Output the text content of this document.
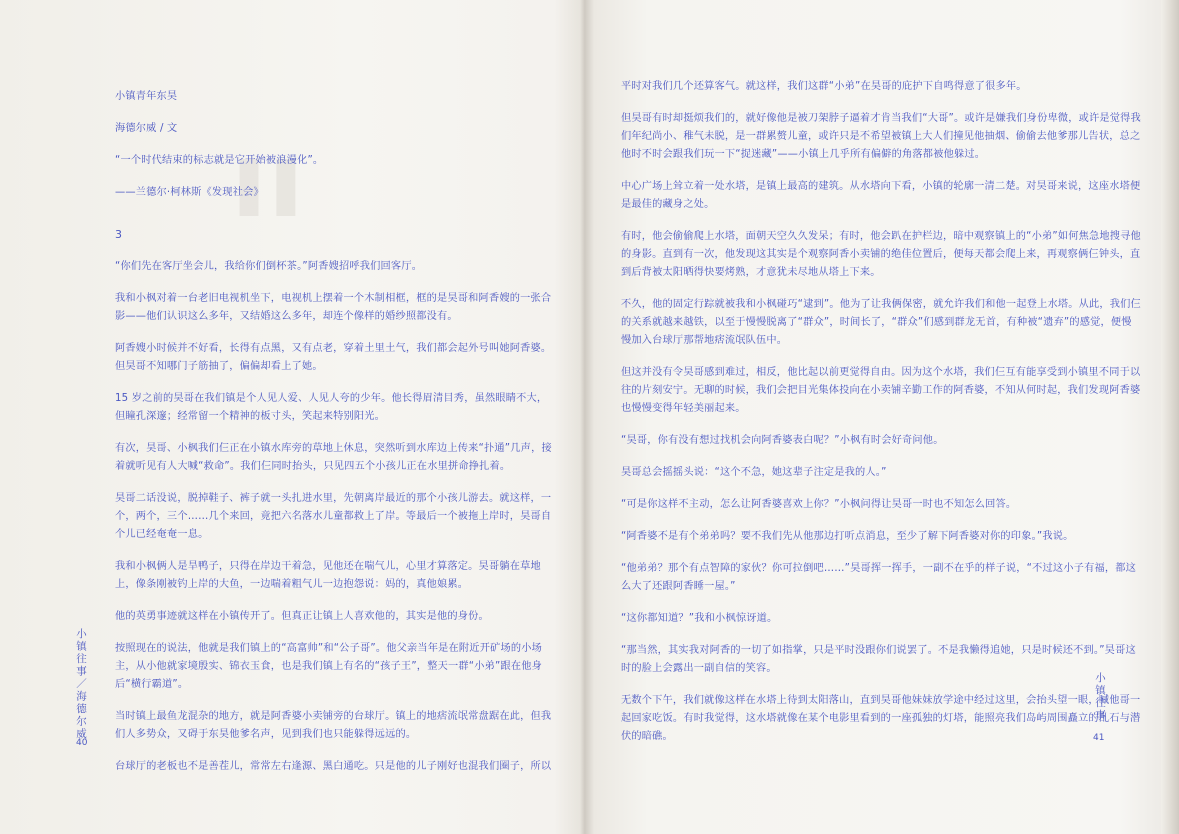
▌▌
小镇青年东昊
海德尔威 / 文
“一个时代结束的标志就是它开始被浪漫化”。
——兰德尔·柯林斯《发现社会》
3
“你们先在客厅坐会儿，我给你们倒杯茶。”阿香嫂招呼我们回客厅。
我和小枫对着一台老旧电视机坐下，电视机上摆着一个木制相框，框的是昊哥和阿香嫂的一张合影——他们认识这么多年，又结婚这么多年，却连个像样的婚纱照都没有。
阿香嫂小时候并不好看，长得有点黑，又有点老，穿着土里土气，我们都会起外号叫她阿香婆。但昊哥不知哪门子筋抽了，偏偏却看上了她。
15 岁之前的昊哥在我们镇是个人见人爱、人见人夸的少年。他长得眉清目秀，虽然眼睛不大，但瞳孔深邃；经常留一个精神的板寸头，笑起来特别阳光。
有次，昊哥、小枫我们仨正在小镇水库旁的草地上休息，突然听到水库边上传来“扑通”几声，接着就听见有人大喊“救命”。我们仨同时抬头，只见四五个小孩儿正在水里拼命挣扎着。
昊哥二话没说，脱掉鞋子、裤子就一头扎进水里，先朝离岸最近的那个小孩儿游去。就这样，一个，两个，三个……几个来回，竟把六名落水儿童都救上了岸。等最后一个被拖上岸时，昊哥自个儿已经奄奄一息。
我和小枫俩人是旱鸭子，只得在岸边干着急，见他还在喘气儿，心里才算落定。昊哥躺在草地上，像条刚被钓上岸的大鱼，一边喘着粗气儿一边抱怨说：妈的，真他娘累。
他的英勇事迹就这样在小镇传开了。但真正让镇上人喜欢他的，其实是他的身份。
按照现在的说法，他就是我们镇上的“高富帅”和“公子哥”。他父亲当年是在附近开矿场的小场主，从小他就家境殷实、锦衣玉食，也是我们镇上有名的“孩子王”，整天一群“小弟”跟在他身后“横行霸道”。
当时镇上最鱼龙混杂的地方，就是阿香婆小卖铺旁的台球厅。镇上的地痞流氓常盘踞在此，但我们人多势众，又碍于东昊他爹名声，见到我们也只能躲得远远的。
台球厅的老板也不是善茬儿，常常左右逢源、黑白通吃。只是他的儿子刚好也混我们圈子，所以
小镇往事／海德尔威
40
平时对我们几个还算客气。就这样，我们这群“小弟”在昊哥的庇护下自鸣得意了很多年。
但昊哥有时却挺烦我们的，就好像他是被刀架脖子逼着才肯当我们“大哥”。或许是嫌我们身份卑微，或许是觉得我们年纪尚小、稚气未脱，是一群累赘儿童，或许只是不希望被镇上大人们撞见他抽烟、偷偷去他爹那儿告状，总之他时不时会跟我们玩一下“捉迷藏”——小镇上几乎所有偏僻的角落都被他躲过。
中心广场上耸立着一处水塔，是镇上最高的建筑。从水塔向下看，小镇的轮廓一清二楚。对昊哥来说，这座水塔便是最佳的藏身之处。
有时，他会偷偷爬上水塔，面朝天空久久发呆；有时，他会趴在护栏边，暗中观察镇上的“小弟”如何焦急地搜寻他的身影。直到有一次，他发现这其实是个观察阿香小卖铺的绝佳位置后，便每天都会爬上来，再观察俩仨钟头，直到后背被太阳晒得快要烤熟，才意犹未尽地从塔上下来。
不久，他的固定行踪就被我和小枫碰巧“逮到”。他为了让我俩保密，就允许我们和他一起登上水塔。从此，我们仨的关系就越来越铁，以至于慢慢脱离了“群众”，时间长了，“群众”们感到群龙无首，有种被“遗弃”的感觉，便慢慢加入台球厅那帮地痞流氓队伍中。
但这并没有令昊哥感到难过，相反，他比起以前更觉得自由。因为这个水塔，我们仨互有能享受到小镇里不同于以往的片刻安宁。无聊的时候，我们会把目光集体投向在小卖铺辛勤工作的阿香婆，不知从何时起，我们发现阿香婆也慢慢变得年轻美丽起来。
“昊哥，你有没有想过找机会向阿香婆表白呢？”小枫有时会好奇问他。
昊哥总会摇摇头说：“这个不急，她这辈子注定是我的人。”
“可是你这样不主动，怎么让阿香婆喜欢上你？”小枫问得让昊哥一时也不知怎么回答。
“阿香婆不是有个弟弟吗？要不我们先从他那边打听点消息，至少了解下阿香婆对你的印象。”我说。
“他弟弟？那个有点智障的家伙？你可拉倒吧……”昊哥挥一挥手，一副不在乎的样子说，“不过这小子有福，都这么大了还跟阿香睡一屋。”
“这你都知道？”我和小枫惊讶道。
“那当然，其实我对阿香的一切了如指掌，只是平时没跟你们说罢了。不是我懒得追她，只是时候还不到。”昊哥这时的脸上会露出一副自信的笑容。
无数个下午，我们就像这样在水塔上待到太阳落山，直到昊哥他妹妹放学途中经过这里，会抬头望一眼，喊他哥一起回家吃饭。有时我觉得，这水塔就像在某个电影里看到的一座孤独的灯塔，能照亮我们岛屿周围矗立的乱石与潜伏的暗礁。
小镇往事
41
